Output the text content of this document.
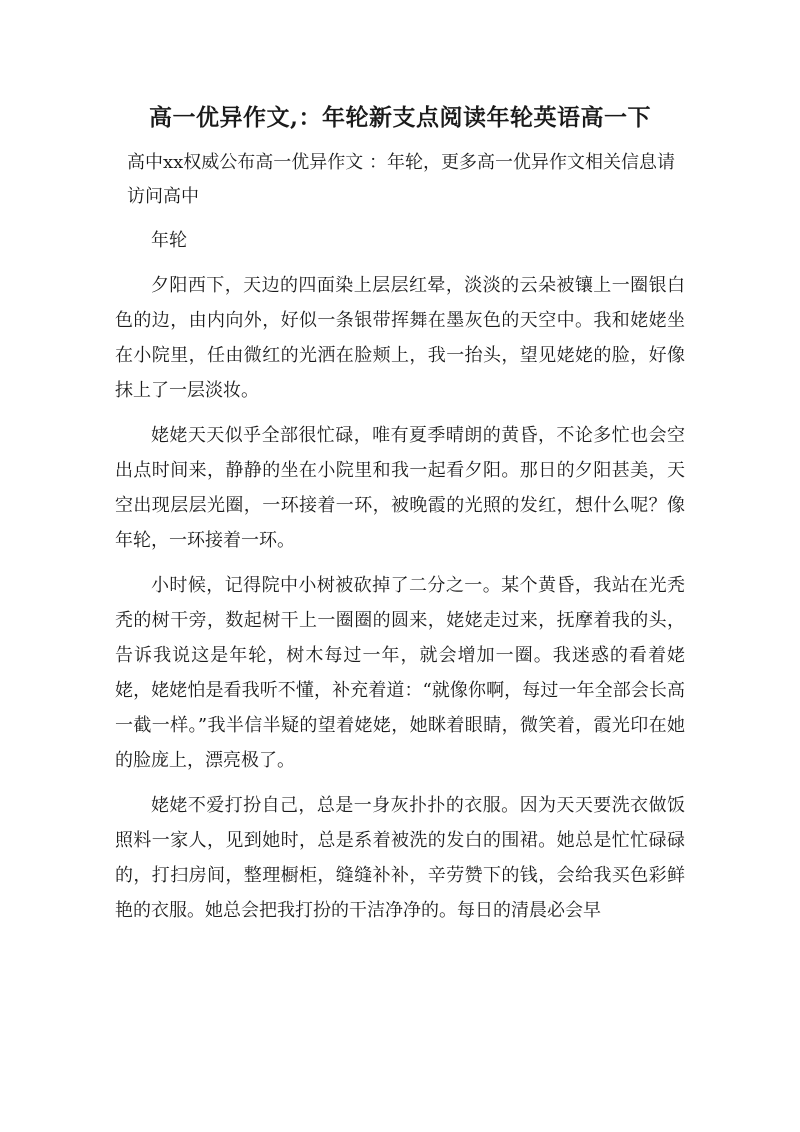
高一优异作文,：年轮新支点阅读年轮英语高一下

高中xx权威公布高一优异作文 ：年轮，更多高一优异作文相关信息请访问高中

年轮

夕阳西下，天边的四面染上层层红晕，淡淡的云朵被镶上一圈银白色的边，由内向外，好似一条银带挥舞在墨灰色的天空中。我和姥姥坐在小院里，任由微红的光洒在脸颊上，我一抬头，望见姥姥的脸，好像抹上了一层淡妆。

姥姥天天似乎全部很忙碌，唯有夏季晴朗的黄昏，不论多忙也会空出点时间来，静静的坐在小院里和我一起看夕阳。那日的夕阳甚美，天空出现层层光圈，一环接着一环，被晚霞的光照的发红，想什么呢？像年轮，一环接着一环。

小时候，记得院中小树被砍掉了二分之一。某个黄昏，我站在光秃秃的树干旁，数起树干上一圈圈的圆来，姥姥走过来，抚摩着我的头，告诉我说这是年轮，树木每过一年，就会增加一圈。我迷惑的看着姥姥，姥姥怕是看我听不懂，补充着道：“就像你啊，每过一年全部会长高一截一样。”我半信半疑的望着姥姥，她眯着眼睛，微笑着，霞光印在她的脸庞上，漂亮极了。

姥姥不爱打扮自己，总是一身灰扑扑的衣服。因为天天要洗衣做饭照料一家人，见到她时，总是系着被洗的发白的围裙。她总是忙忙碌碌的，打扫房间，整理橱柜，缝缝补补，辛劳赞下的钱，会给我买色彩鲜艳的衣服。她总会把我打扮的干洁净净的。每日的清晨必会早
